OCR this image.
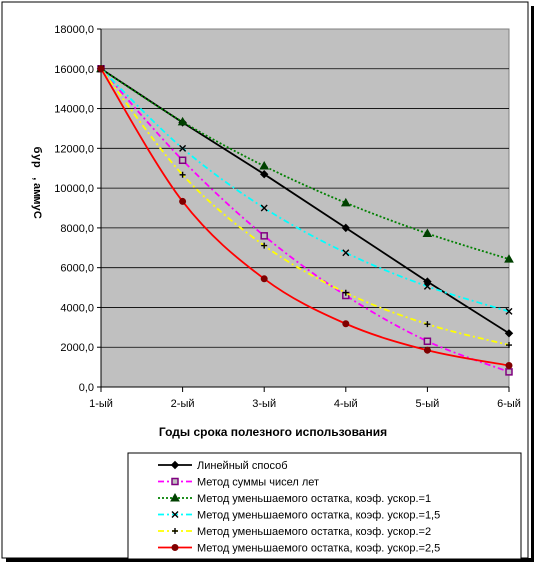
0,0
2000,0
4000,0
6000,0
8000,0
10000,0
12000,0
14000,0
16000,0
18000,0
1-ый	2-ый	3-ый	4-ый	5-ый	6-ый
Годы срока полезного использования
С
у
м
м
а
,
р
у
б
Линейный способ
Метод суммы чисел лет
Метод уменьшаемого остатка, коэф. ускор.=1
Метод уменьшаемого остатка, коэф. ускор.=1,5
Метод уменьшаемого остатка, коэф. ускор.=2
Метод уменьшаемого остатка, коэф. ускор.=2,5
